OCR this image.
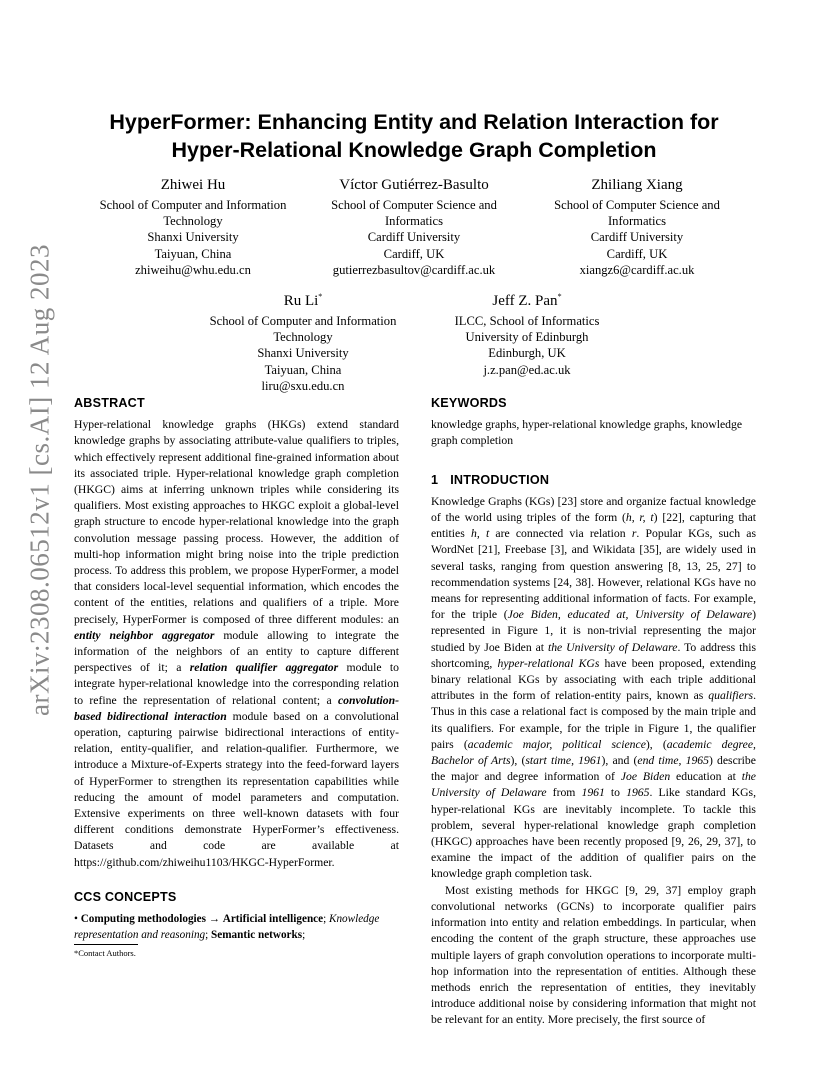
arXiv:2308.06512v1 [cs.AI] 12 Aug 2023
HyperFormer: Enhancing Entity and Relation Interaction for
Hyper-Relational Knowledge Graph Completion
Zhiwei Hu
School of Computer and Information
Technology
Shanxi University
Taiyuan, China
zhiweihu@whu.edu.cn
Víctor Gutiérrez-Basulto
School of Computer Science and
Informatics
Cardiff University
Cardiff, UK
gutierrezbasultov@cardiff.ac.uk
Zhiliang Xiang
School of Computer Science and
Informatics
Cardiff University
Cardiff, UK
xiangz6@cardiff.ac.uk
Ru Li*
School of Computer and Information
Technology
Shanxi University
Taiyuan, China
liru@sxu.edu.cn
Jeff Z. Pan*
ILCC, School of Informatics
University of Edinburgh
Edinburgh, UK
j.z.pan@ed.ac.uk
ABSTRACT

Hyper-relational knowledge graphs (HKGs) extend standard knowledge graphs by associating attribute-value qualifiers to triples, which effectively represent additional fine-grained information about its associated triple. Hyper-relational knowledge graph completion (HKGC) aims at inferring unknown triples while considering its qualifiers. Most existing approaches to HKGC exploit a global-level graph structure to encode hyper-relational knowledge into the graph convolution message passing process. However, the addition of multi-hop information might bring noise into the triple prediction process. To address this problem, we propose HyperFormer, a model that considers local-level sequential information, which encodes the content of the entities, relations and qualifiers of a triple. More precisely, HyperFormer is composed of three different modules: an entity neighbor aggregator module allowing to integrate the information of the neighbors of an entity to capture different perspectives of it; a relation qualifier aggregator module to integrate hyper-relational knowledge into the corresponding relation to refine the representation of relational content; a convolution-based bidirectional interaction module based on a convolutional operation, capturing pairwise bidirectional interactions of entity-relation, entity-qualifier, and relation-qualifier. Furthermore, we introduce a Mixture-of-Experts strategy into the feed-forward layers of HyperFormer to strengthen its representation capabilities while reducing the amount of model parameters and computation. Extensive experiments on three well-known datasets with four different conditions demonstrate HyperFormer’s effectiveness. Datasets and code are available at https://github.com/zhiweihu1103/HKGC-HyperFormer.

CCS CONCEPTS

• Computing methodologies → Artificial intelligence; Knowledge representation and reasoning; Semantic networks;

*Contact Authors.
KEYWORDS

knowledge graphs, hyper-relational knowledge graphs, knowledge graph completion

1 INTRODUCTION

Knowledge Graphs (KGs) [23] store and organize factual knowledge of the world using triples of the form (h, r, t) [22], capturing that entities h, t are connected via relation r. Popular KGs, such as WordNet [21], Freebase [3], and Wikidata [35], are widely used in several tasks, ranging from question answering [8, 13, 25, 27] to recommendation systems [24, 38]. However, relational KGs have no means for representing additional information of facts. For example, for the triple (Joe Biden, educated at, University of Delaware) represented in Figure 1, it is non-trivial representing the major studied by Joe Biden at the University of Delaware. To address this shortcoming, hyper-relational KGs have been proposed, extending binary relational KGs by associating with each triple additional attributes in the form of relation-entity pairs, known as qualifiers. Thus in this case a relational fact is composed by the main triple and its qualifiers. For example, for the triple in Figure 1, the qualifier pairs (academic major, political science), (academic degree, Bachelor of Arts), (start time, 1961), and (end time, 1965) describe the major and degree information of Joe Biden education at the University of Delaware from 1961 to 1965. Like standard KGs, hyper-relational KGs are inevitably incomplete. To tackle this problem, several hyper-relational knowledge graph completion (HKGC) approaches have been recently proposed [9, 26, 29, 37], to examine the impact of the addition of qualifier pairs on the knowledge graph completion task.

Most existing methods for HKGC [9, 29, 37] employ graph convolutional networks (GCNs) to incorporate qualifier pairs information into entity and relation embeddings. In particular, when encoding the content of the graph structure, these approaches use multiple layers of graph convolution operations to incorporate multi-hop information into the representation of entities. Although these methods enrich the representation of entities, they inevitably introduce additional noise by considering information that might not be relevant for an entity. More precisely, the first source of
